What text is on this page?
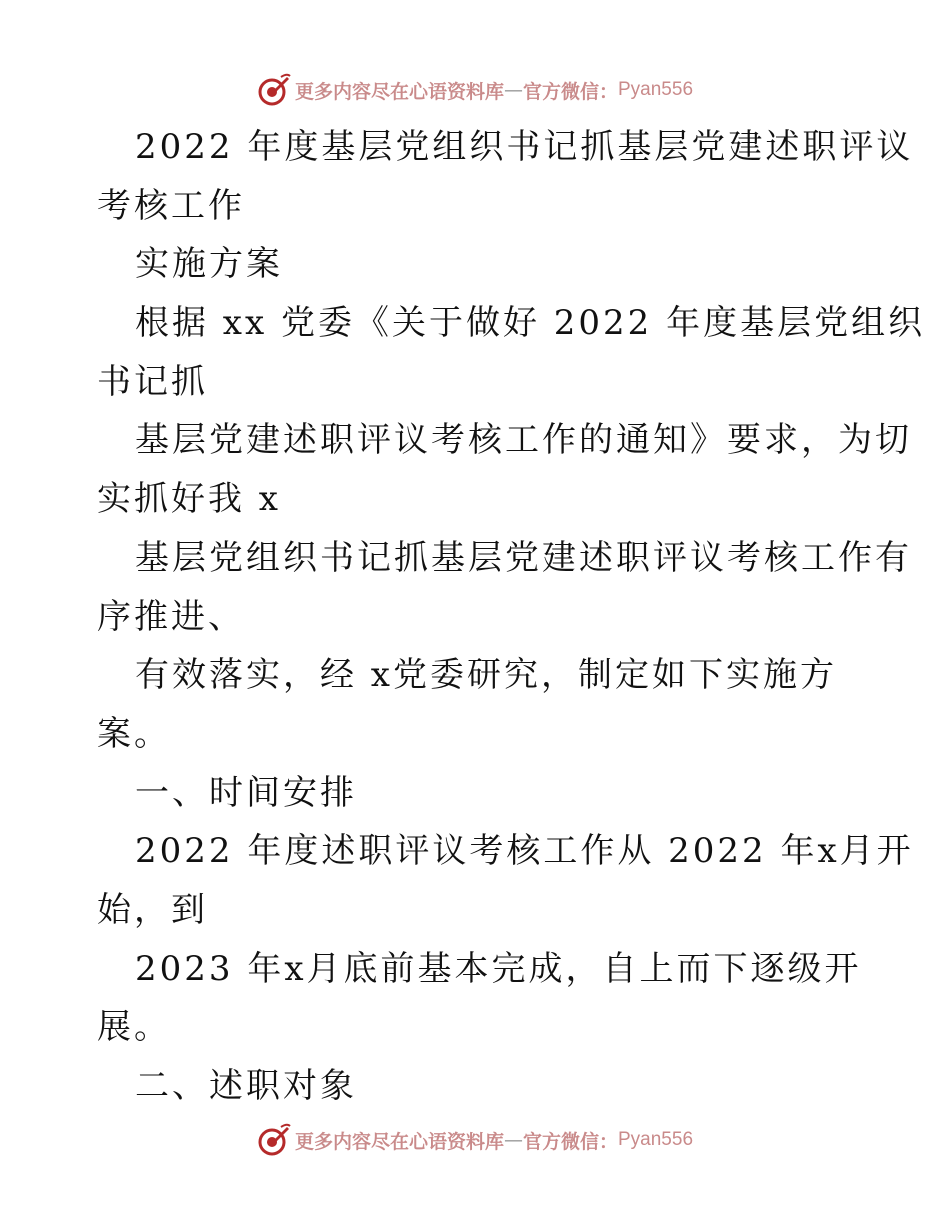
更多内容尽在心语资料库 — 官方微信： Pyan556
2022 年度基层党组织书记抓基层党建述职评议
考核工作
实施方案
根据 xx 党委《关于做好 2022 年度基层党组织
书记抓
基层党建述职评议考核工作的通知》要求，为切
实抓好我 x
基层党组织书记抓基层党建述职评议考核工作有
序推进、
有效落实，经 x党委研究，制定如下实施方
案。
一、时间安排
2022 年度述职评议考核工作从 2022 年x月开
始，到
2023 年x月底前基本完成，自上而下逐级开
展。
二、述职对象
更多内容尽在心语资料库 — 官方微信： Pyan556
